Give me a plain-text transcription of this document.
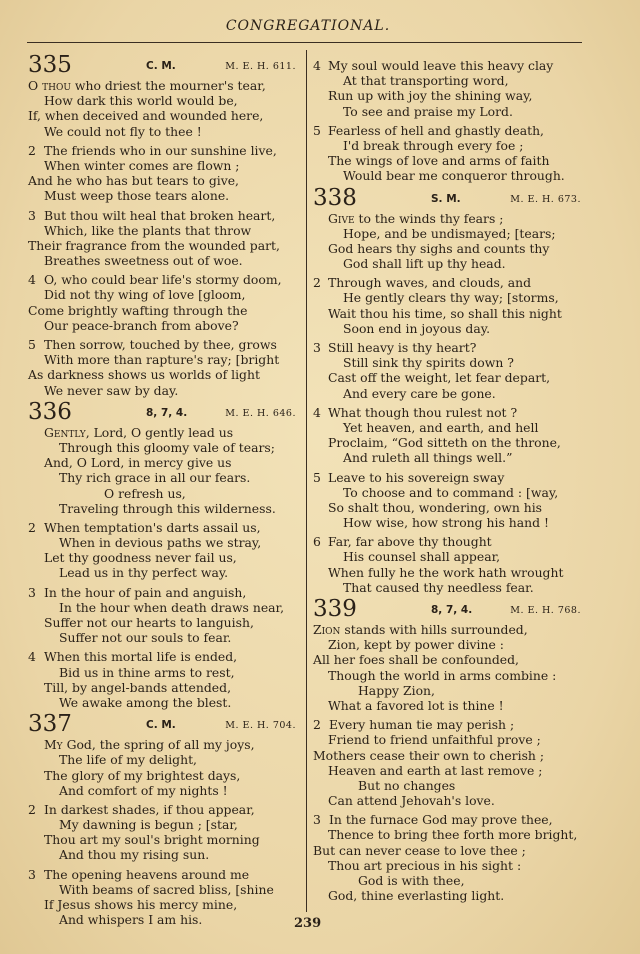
CONGREGATIONAL.
335	C. M.	M. E. H. 611.
O thou who driest the mourner's tear,
How dark this world would be,
If, when deceived and wounded here,
We could not fly to thee !
2 The friends who in our sunshine live,
When winter comes are flown ;
And he who has but tears to give,
Must weep those tears alone.
3 But thou wilt heal that broken heart,
Which, like the plants that throw
Their fragrance from the wounded part,
Breathes sweetness out of woe.
4 O, who could bear life's stormy doom,
Did not thy wing of love [gloom,
Come brightly wafting through the
Our peace-branch from above?
5 Then sorrow, touched by thee, grows
With more than rapture's ray; [bright
As darkness shows us worlds of light
We never saw by day.
336	8, 7, 4.	M. E. H. 646.
Gently, Lord, O gently lead us
Through this gloomy vale of tears;
And, O Lord, in mercy give us
Thy rich grace in all our fears.
O refresh us,
Traveling through this wilderness.
2 When temptation's darts assail us,
When in devious paths we stray,
Let thy goodness never fail us,
Lead us in thy perfect way.
3 In the hour of pain and anguish,
In the hour when death draws near,
Suffer not our hearts to languish,
Suffer not our souls to fear.
4 When this mortal life is ended,
Bid us in thine arms to rest,
Till, by angel-bands attended,
We awake among the blest.
337	C. M.	M. E. H. 704.
My God, the spring of all my joys,
The life of my delight,
The glory of my brightest days,
And comfort of my nights !
2 In darkest shades, if thou appear,
My dawning is begun ; [star,
Thou art my soul's bright morning
And thou my rising sun.
3 The opening heavens around me
With beams of sacred bliss, [shine
If Jesus shows his mercy mine,
And whispers I am his.
4 My soul would leave this heavy clay
At that transporting word,
Run up with joy the shining way,
To see and praise my Lord.
5 Fearless of hell and ghastly death,
I'd break through every foe ;
The wings of love and arms of faith
Would bear me conqueror through.
338	S. M.	M. E. H. 673.
Give to the winds thy fears ;
Hope, and be undismayed; [tears;
God hears thy sighs and counts thy
God shall lift up thy head.
2 Through waves, and clouds, and
He gently clears thy way; [storms,
Wait thou his time, so shall this night
Soon end in joyous day.
3 Still heavy is thy heart?
Still sink thy spirits down ?
Cast off the weight, let fear depart,
And every care be gone.
4 What though thou rulest not ?
Yet heaven, and earth, and hell
Proclaim, “God sitteth on the throne,
And ruleth all things well.”
5 Leave to his sovereign sway
To choose and to command : [way,
So shalt thou, wondering, own his
How wise, how strong his hand !
6 Far, far above thy thought
His counsel shall appear,
When fully he the work hath wrought
That caused thy needless fear.
339	8, 7, 4.	M. E. H. 768.
Zion stands with hills surrounded,
Zion, kept by power divine :
All her foes shall be confounded,
Though the world in arms combine :
Happy Zion,
What a favored lot is thine !
2 Every human tie may perish ;
Friend to friend unfaithful prove ;
Mothers cease their own to cherish ;
Heaven and earth at last remove ;
But no changes
Can attend Jehovah's love.
3 In the furnace God may prove thee,
Thence to bring thee forth more bright,
But can never cease to love thee ;
Thou art precious in his sight :
God is with thee,
God, thine everlasting light.
239
